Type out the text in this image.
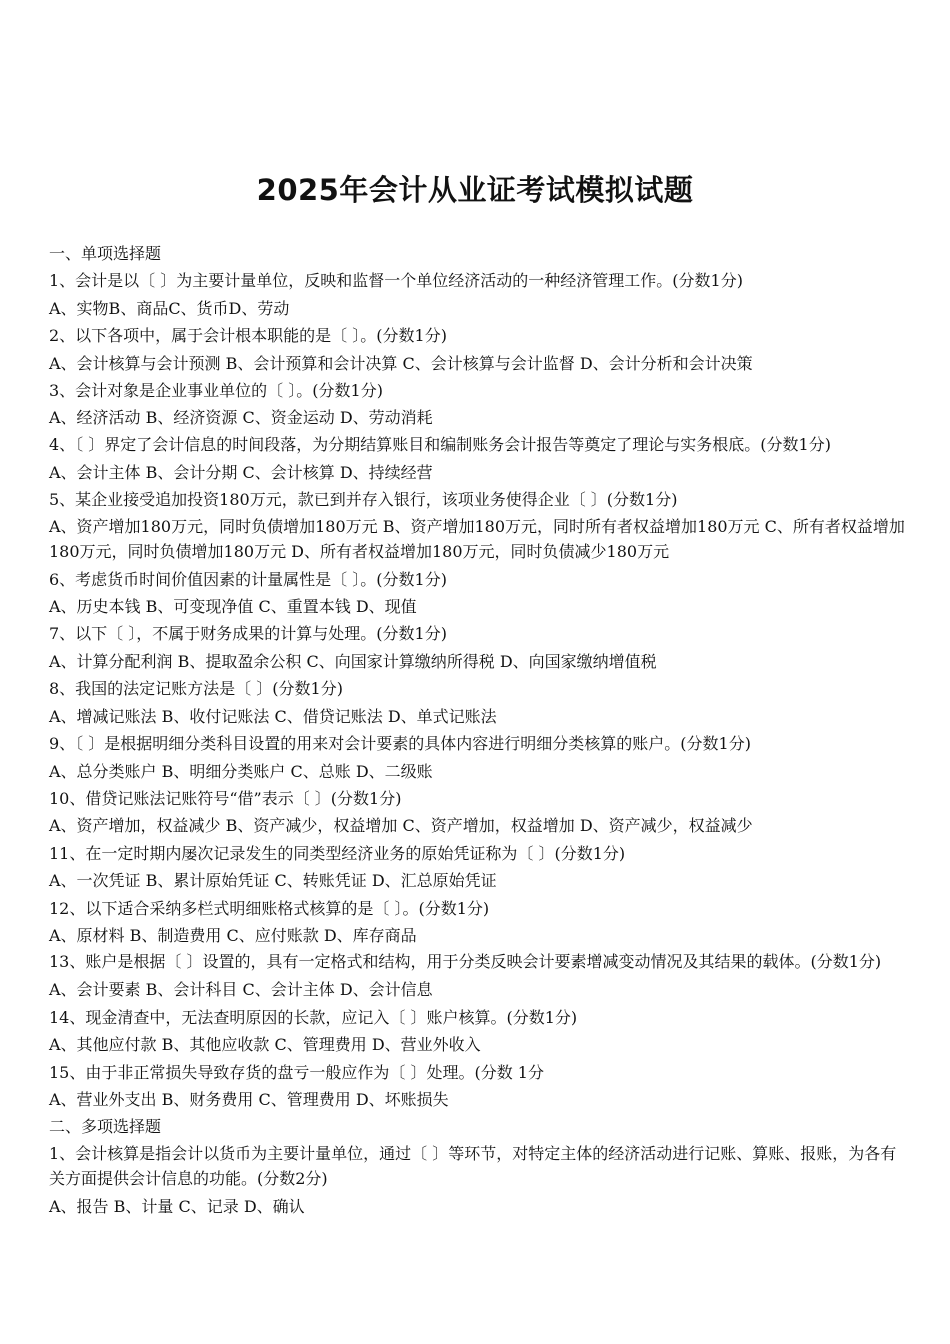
2025年会计从业证考试模拟试题
一、单项选择题
1、会计是以〔 〕为主要计量单位，反映和监督一个单位经济活动的一种经济管理工作。(分数1分)
A、实物B、商品C、货币D、劳动
2、以下各项中，属于会计根本职能的是〔 〕。(分数1分)
A、会计核算与会计预测 B、会计预算和会计决算 C、会计核算与会计监督 D、会计分析和会计决策
3、会计对象是企业事业单位的〔 〕。(分数1分)
A、经济活动 B、经济资源 C、资金运动 D、劳动消耗
4、〔 〕界定了会计信息的时间段落，为分期结算账目和编制账务会计报告等奠定了理论与实务根底。(分数1分)
A、会计主体 B、会计分期 C、会计核算 D、持续经营
5、某企业接受追加投资180万元，款已到并存入银行，该项业务使得企业〔 〕(分数1分)
A、资产增加180万元，同时负债增加180万元 B、资产增加180万元，同时所有者权益增加180万元 C、所有者权益增加180万元，同时负债增加180万元 D、所有者权益增加180万元，同时负债减少180万元
6、考虑货币时间价值因素的计量属性是〔 〕。(分数1分)
A、历史本钱 B、可变现净值 C、重置本钱 D、现值
7、以下〔 〕，不属于财务成果的计算与处理。(分数1分)
A、计算分配利润 B、提取盈余公积 C、向国家计算缴纳所得税 D、向国家缴纳增值税
8、我国的法定记账方法是〔 〕(分数1分)
A、增减记账法 B、收付记账法 C、借贷记账法 D、单式记账法
9、〔 〕是根据明细分类科目设置的用来对会计要素的具体内容进行明细分类核算的账户。(分数1分)
A、总分类账户 B、明细分类账户 C、总账 D、二级账
10、借贷记账法记账符号“借”表示〔 〕(分数1分)
A、资产增加，权益减少 B、资产减少，权益增加 C、资产增加，权益增加 D、资产减少，权益减少
11、在一定时期内屡次记录发生的同类型经济业务的原始凭证称为〔 〕(分数1分)
A、一次凭证 B、累计原始凭证 C、转账凭证 D、汇总原始凭证
12、以下适合采纳多栏式明细账格式核算的是〔 〕。(分数1分)
A、原材料 B、制造费用 C、应付账款 D、库存商品
13、账户是根据〔 〕设置的，具有一定格式和结构，用于分类反映会计要素增减变动情况及其结果的载体。(分数1分)
A、会计要素 B、会计科目 C、会计主体 D、会计信息
14、现金清查中，无法查明原因的长款，应记入〔 〕账户核算。(分数1分)
A、其他应付款 B、其他应收款 C、管理费用 D、营业外收入
15、由于非正常损失导致存货的盘亏一般应作为〔 〕处理。(分数 1分
A、营业外支出 B、财务费用 C、管理费用 D、坏账损失
二、多项选择题
1、会计核算是指会计以货币为主要计量单位，通过〔 〕等环节，对特定主体的经济活动进行记账、算账、报账，为各有关方面提供会计信息的功能。(分数2分)
A、报告 B、计量 C、记录 D、确认
